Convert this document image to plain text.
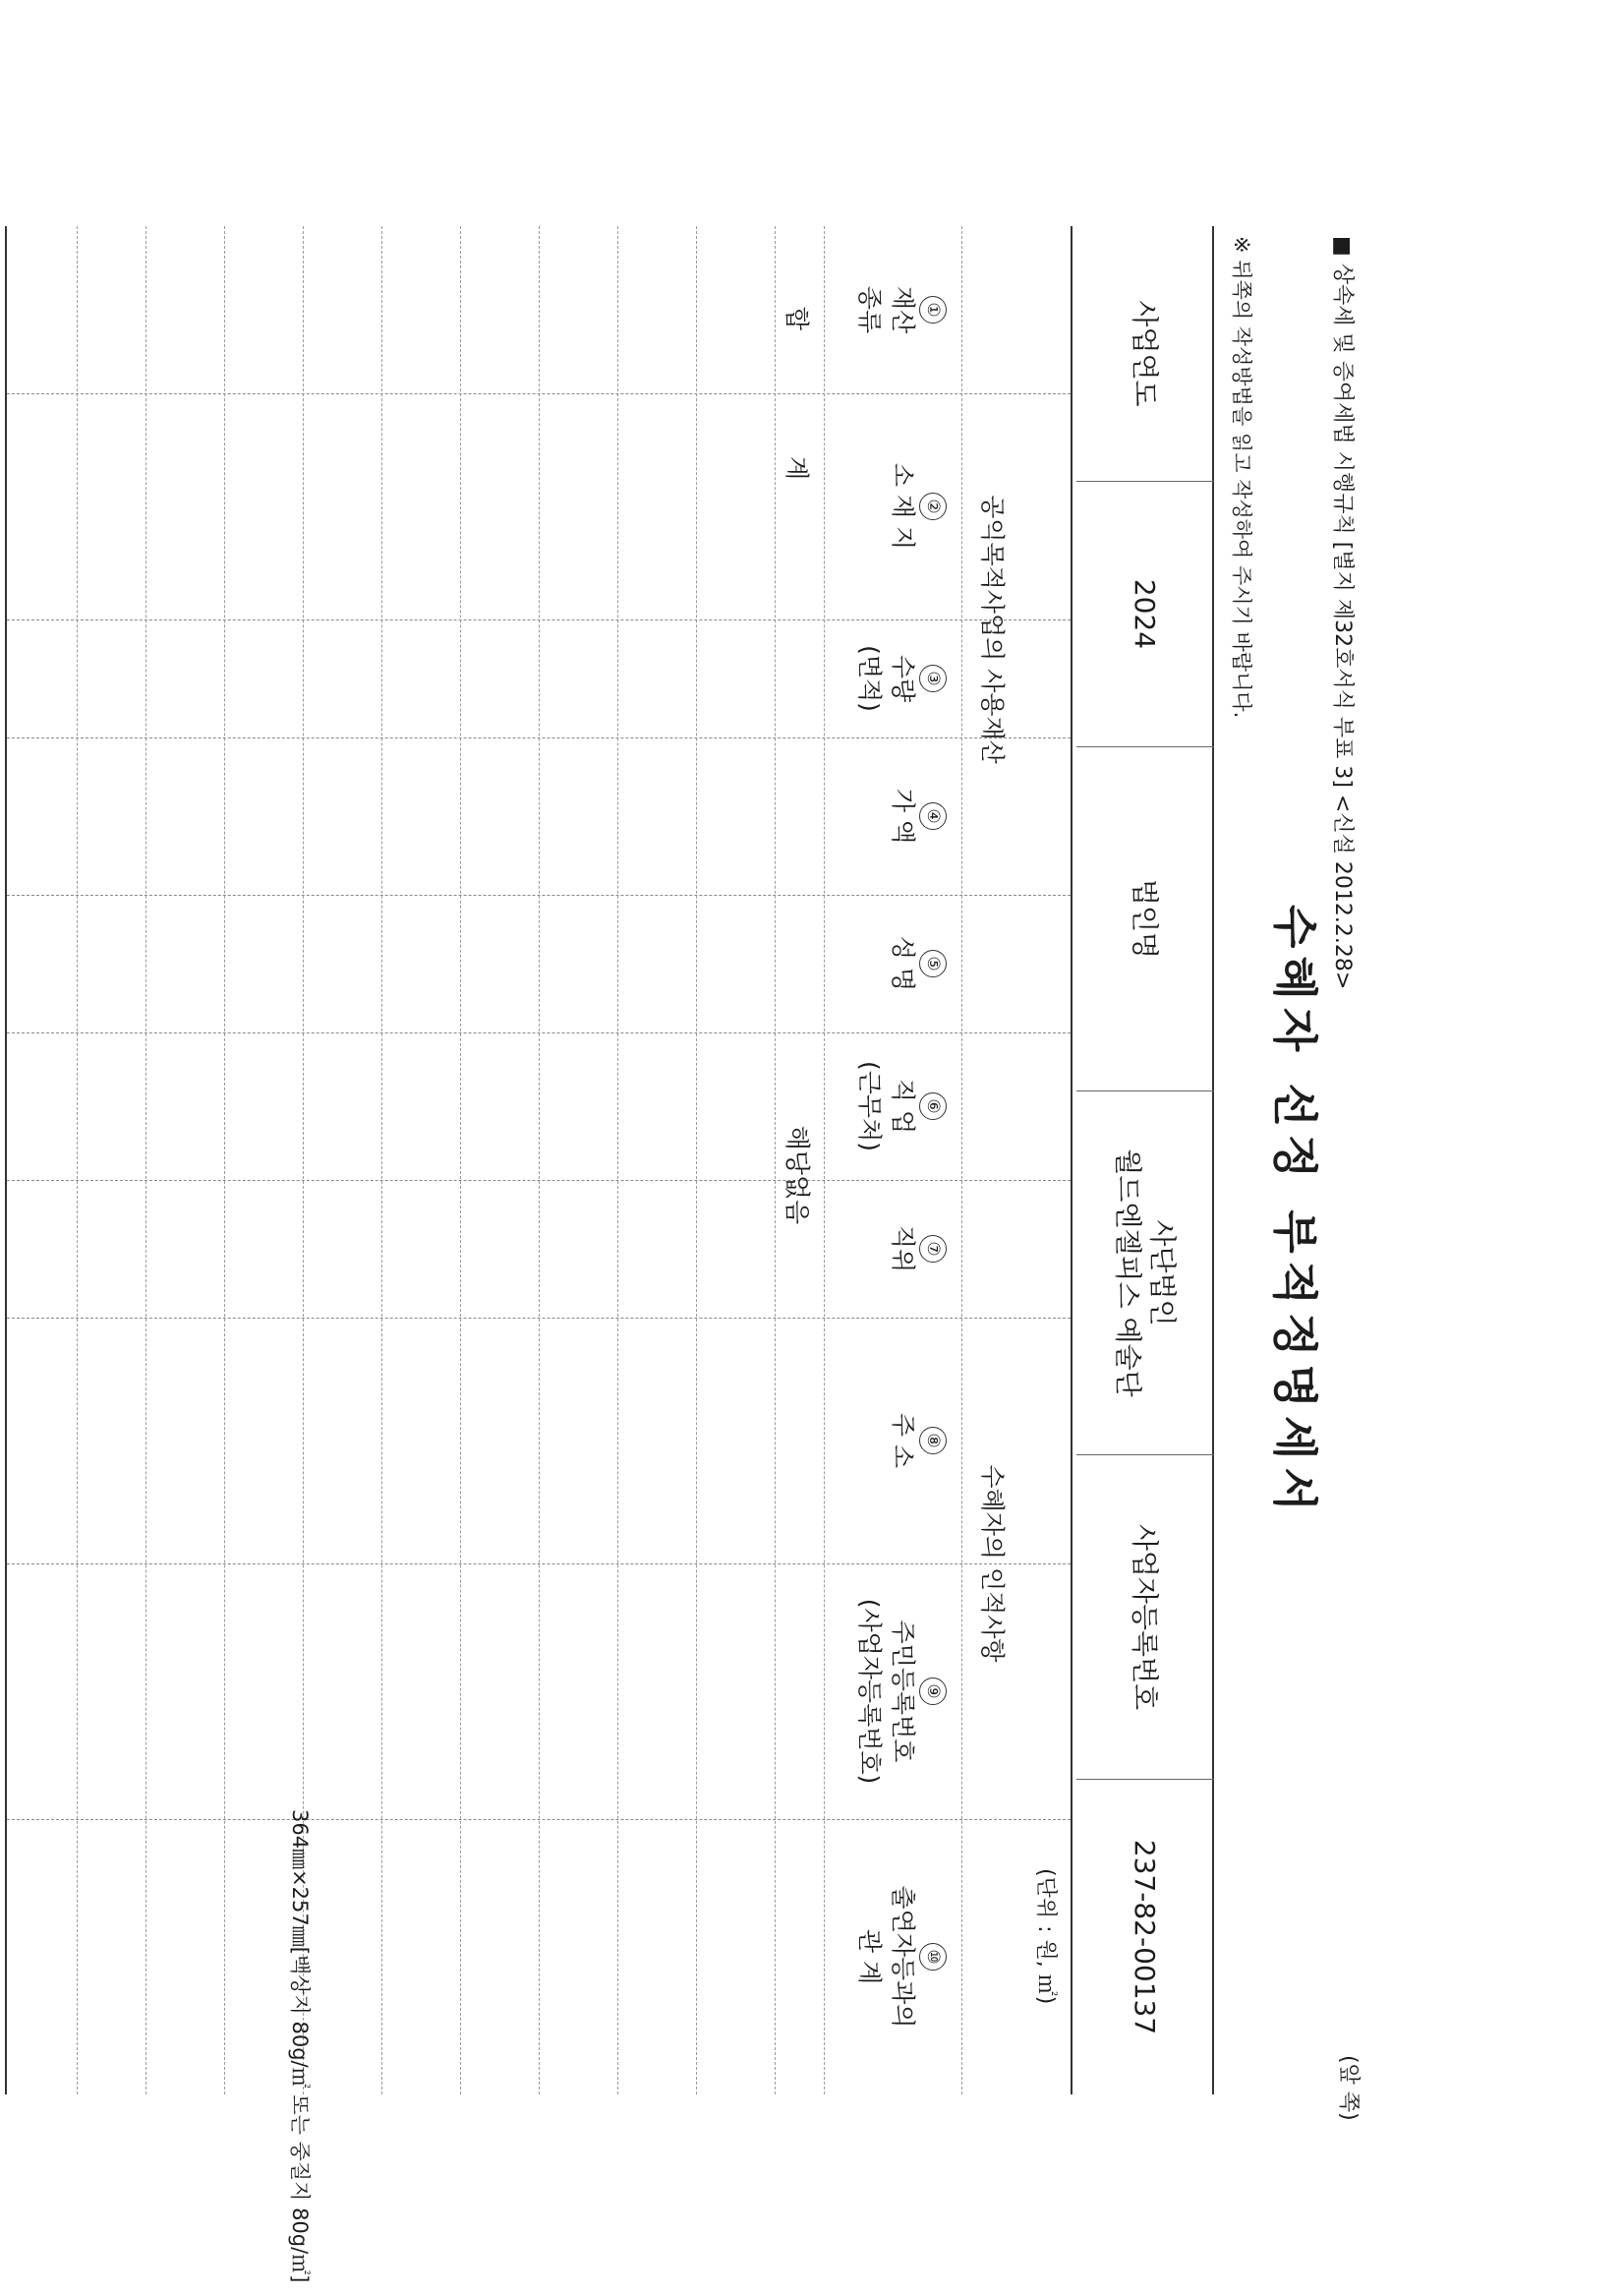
■ 상속세 및 증여세법 시행규칙 [별지 제32호서식 부표 3] <신설 2012.2.28>
(앞 쪽)
수혜자 선정 부적정명세서
※ 뒤쪽의 작성방법을 읽고 작성하여 주시기 바랍니다.
사업연도
2024
법인명
사단법인
월드엔젤피스 예술단
사업자등록번호
237-82-00137
(단위 : 원, ㎡)
공익목적사업의 사용재산
수혜자의 인적사항
①
재산
종류
②
소 재 지
③
수량
(면적)
④
가 액
⑤
성 명
⑥
직 업
(근무처)
⑦
직위
⑧
주 소
⑨
주민등록번호
(사업자등록번호)
⑩
출연자등과의
관 계
합 계
해당없음
364㎜×257㎜[백상지 80g/㎡ 또는 중질지 80g/㎡]
